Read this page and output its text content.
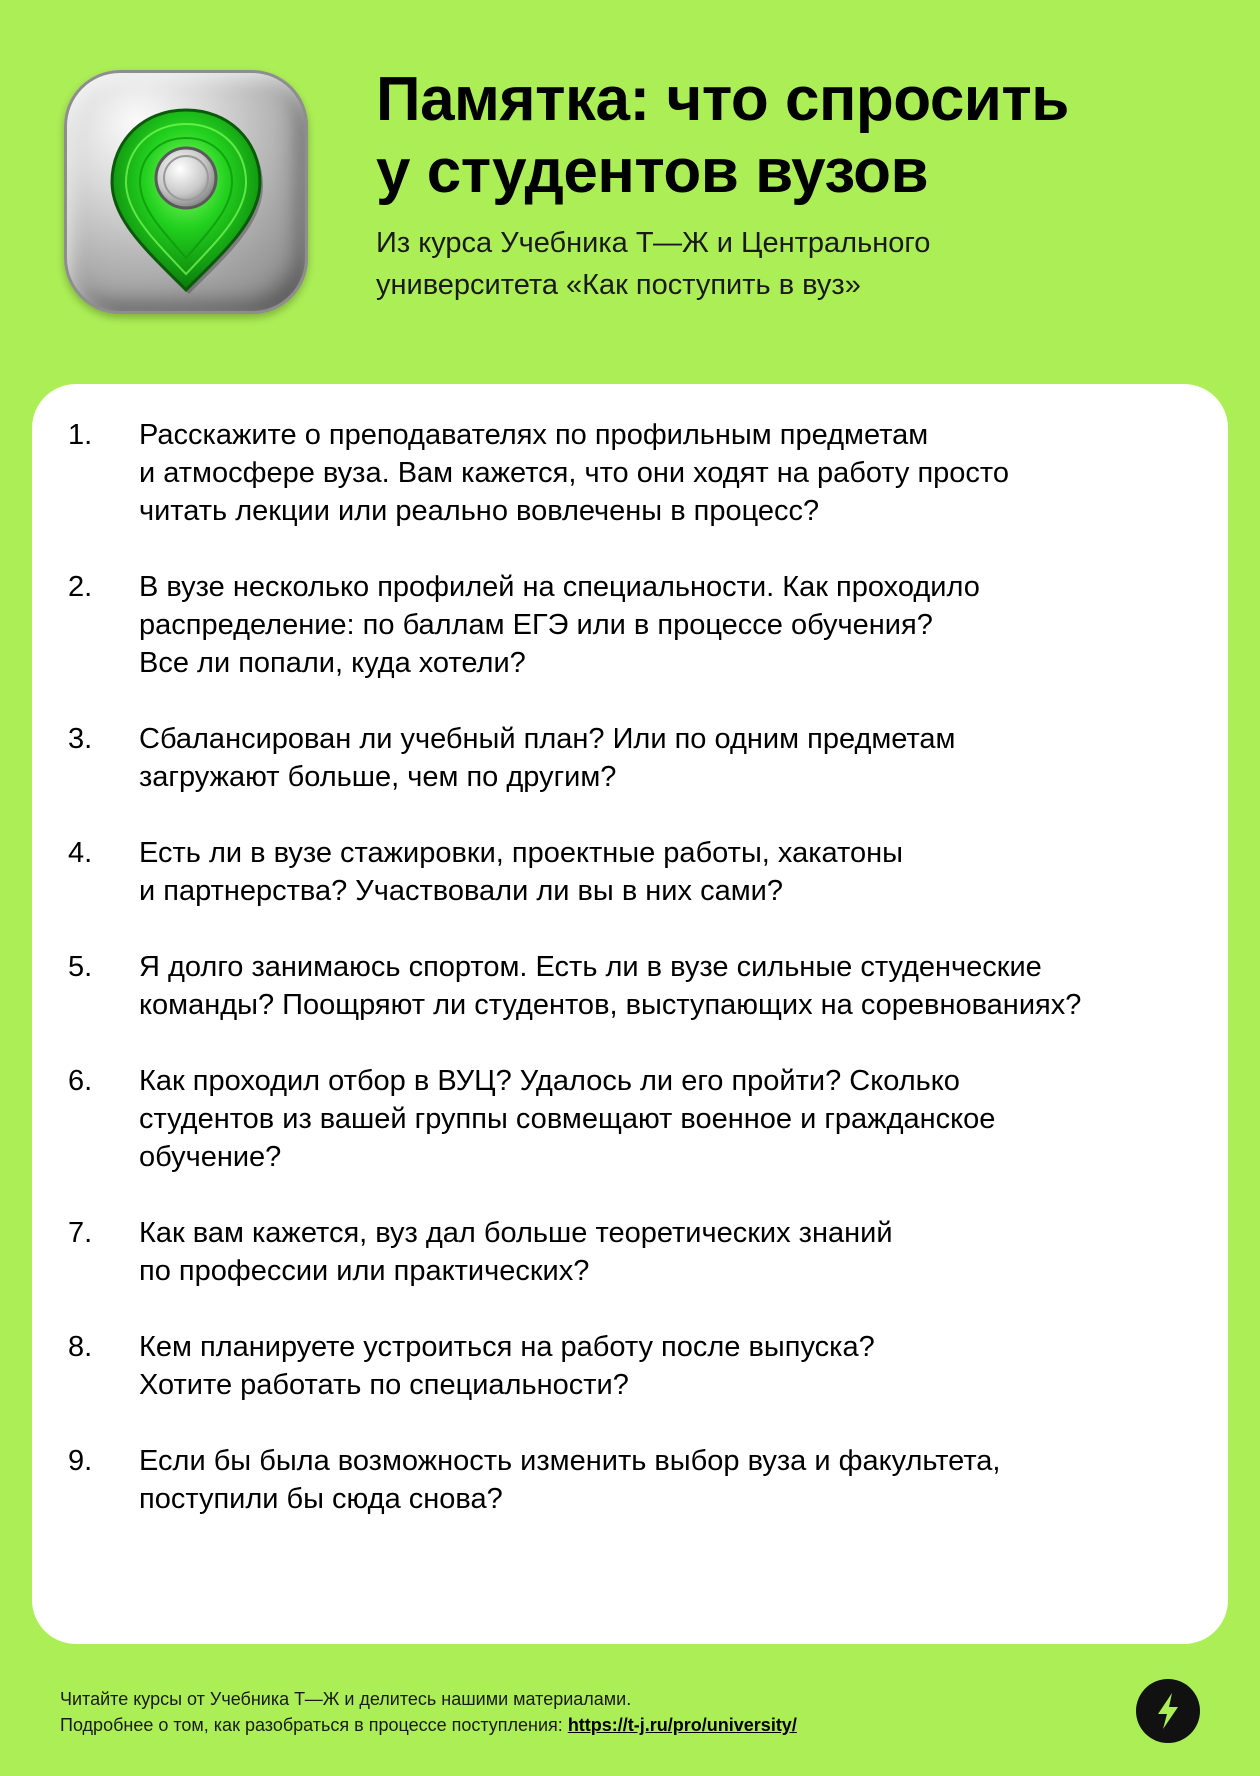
Памятка: что спросить
у студентов вузов
Из курса Учебника Т—Ж и Центрального
университета «Как поступить в вуз»
1.	Расскажите о преподавателях по профильным предметам
и атмосфере вуза. Вам кажется, что они ходят на работу просто
читать лекции или реально вовлечены в процесс?
2.	В вузе несколько профилей на специальности. Как проходило
распределение: по баллам ЕГЭ или в процессе обучения?
Все ли попали, куда хотели?
3.	Сбалансирован ли учебный план? Или по одним предметам
загружают больше, чем по другим?
4.	Есть ли в вузе стажировки, проектные работы, хакатоны
и партнерства? Участвовали ли вы в них сами?
5.	Я долго занимаюсь спортом. Есть ли в вузе сильные студенческие
команды? Поощряют ли студентов, выступающих на соревнованиях?
6.	Как проходил отбор в ВУЦ? Удалось ли его пройти? Сколько
студентов из вашей группы совмещают военное и гражданское
обучение?
7.	Как вам кажется, вуз дал больше теоретических знаний
по профессии или практических?
8.	Кем планируете устроиться на работу после выпуска?
Хотите работать по специальности?
9.	Если бы была возможность изменить выбор вуза и факультета,
поступили бы сюда снова?
Читайте курсы от Учебника Т—Ж и делитесь нашими материалами.
Подробнее о том, как разобраться в процессе поступления: https://t-j.ru/pro/university/
